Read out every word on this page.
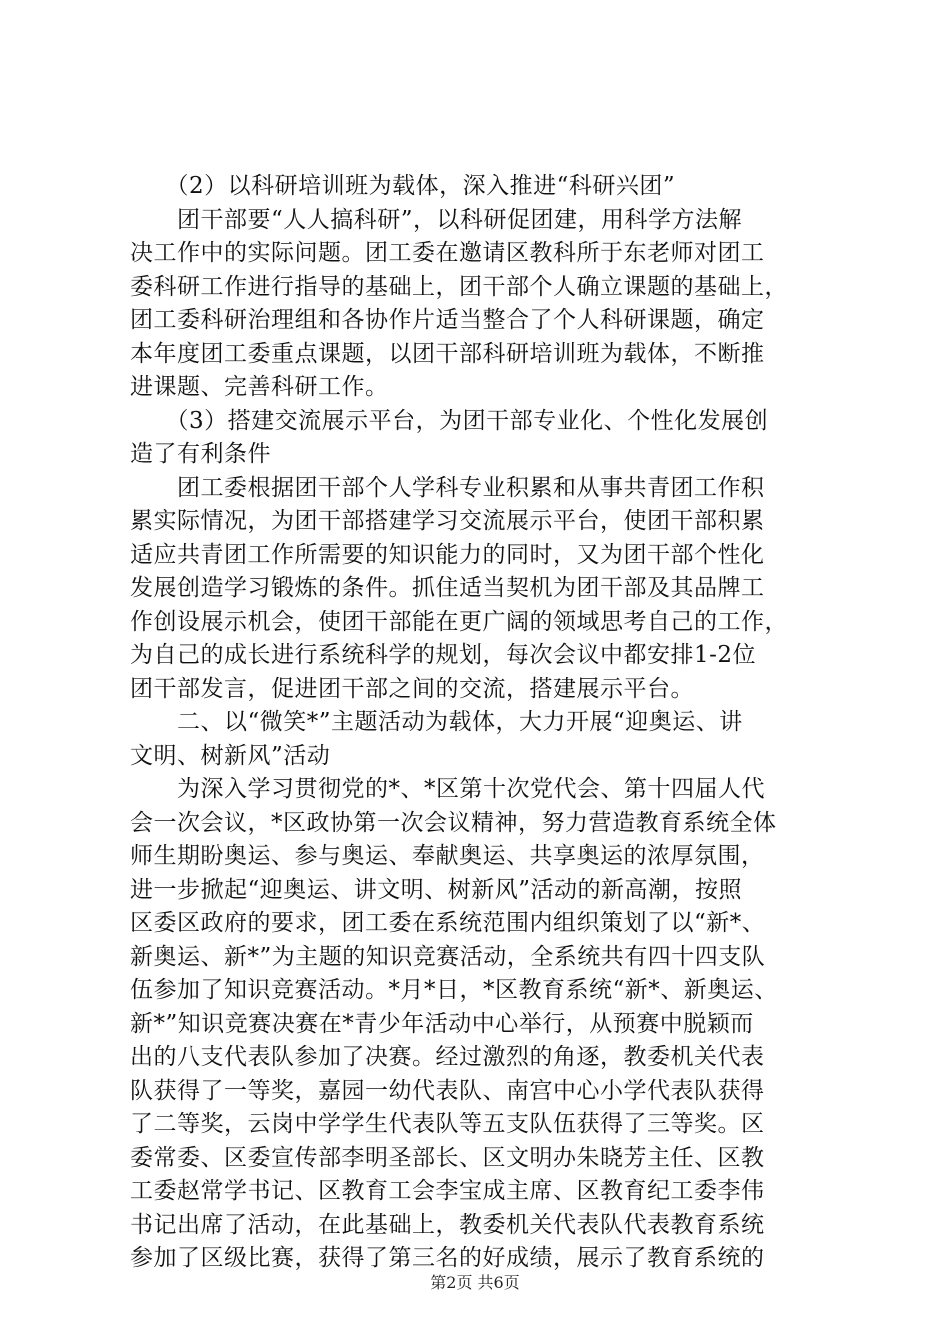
　　（2）以科研培训班为载体，深入推进“科研兴团”
　　团干部要“人人搞科研”，以科研促团建，用科学方法解
决工作中的实际问题。团工委在邀请区教科所于东老师对团工
委科研工作进行指导的基础上，团干部个人确立课题的基础上，
团工委科研治理组和各协作片适当整合了个人科研课题，确定
本年度团工委重点课题，以团干部科研培训班为载体，不断推
进课题、完善科研工作。
　　（3）搭建交流展示平台，为团干部专业化、个性化发展创
造了有利条件
　　团工委根据团干部个人学科专业积累和从事共青团工作积
累实际情况，为团干部搭建学习交流展示平台，使团干部积累
适应共青团工作所需要的知识能力的同时，又为团干部个性化
发展创造学习锻炼的条件。抓住适当契机为团干部及其品牌工
作创设展示机会，使团干部能在更广阔的领域思考自己的工作，
为自己的成长进行系统科学的规划，每次会议中都安排1-2位
团干部发言，促进团干部之间的交流，搭建展示平台。
　　二、以“微笑*”主题活动为载体，大力开展“迎奥运、讲
文明、树新风”活动
　　为深入学习贯彻党的*、*区第十次党代会、第十四届人代
会一次会议，*区政协第一次会议精神，努力营造教育系统全体
师生期盼奥运、参与奥运、奉献奥运、共享奥运的浓厚氛围，
进一步掀起“迎奥运、讲文明、树新风”活动的新高潮，按照
区委区政府的要求，团工委在系统范围内组织策划了以“新*、
新奥运、新*”为主题的知识竞赛活动，全系统共有四十四支队
伍参加了知识竞赛活动。*月*日，*区教育系统“新*、新奥运、
新*”知识竞赛决赛在*青少年活动中心举行，从预赛中脱颖而
出的八支代表队参加了决赛。经过激烈的角逐，教委机关代表
队获得了一等奖，嘉园一幼代表队、南宫中心小学代表队获得
了二等奖，云岗中学学生代表队等五支队伍获得了三等奖。区
委常委、区委宣传部李明圣部长、区文明办朱晓芳主任、区教
工委赵常学书记、区教育工会李宝成主席、区教育纪工委李伟
书记出席了活动，在此基础上，教委机关代表队代表教育系统
参加了区级比赛，获得了第三名的好成绩，展示了教育系统的
第2页 共6页
